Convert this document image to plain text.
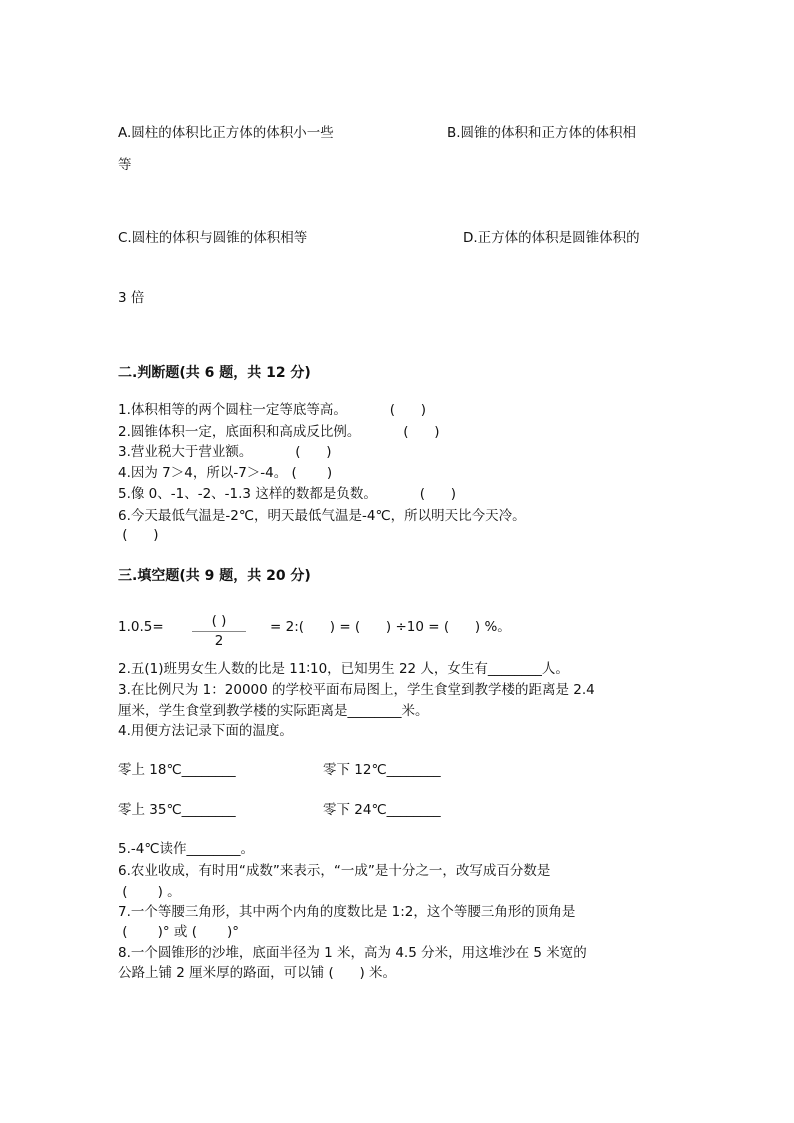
A.圆柱的体积比正方体的体积小一些	B.圆锥的体积和正方体的体积相
等
C.圆柱的体积与圆锥的体积相等	D.正方体的体积是圆锥体积的
3 倍
二.判断题(共 6 题，共 12 分)
1.体积相等的两个圆柱一定等底等高。          (      )
2.圆锥体积一定，底面积和高成反比例。          (      )
3.营业税大于营业额。          (      )
4.因为 7＞4，所以-7＞-4。 (       )
5.像 0、-1、-2、-1.3 这样的数都是负数。          (      )
6.今天最低气温是-2℃，明天最低气温是-4℃，所以明天比今天冷。
(      )
三.填空题(共 9 题，共 20 分)
1.0.5=	( )
2
= 2:(      ) = (      ) ÷10 = (      ) %。
2.五(1)班男女生人数的比是 11∶10，已知男生 22 人，女生有________人。
3.在比例尺为 1：20000 的学校平面布局图上，学生食堂到教学楼的距离是 2.4
厘米，学生食堂到教学楼的实际距离是________米。
4.用便方法记录下面的温度。
零上 18℃________	零下 12℃________
零上 35℃________	零下 24℃________
5.-4℃读作________。
6.农业收成，有时用“成数”来表示，“一成”是十分之一，改写成百分数是
(       ) 。
7.一个等腰三角形，其中两个内角的度数比是 1:2，这个等腰三角形的顶角是
(       )° 或 (       )°
8.一个圆锥形的沙堆，底面半径为 1 米，高为 4.5 分米，用这堆沙在 5 米宽的
公路上铺 2 厘米厚的路面，可以铺 (      ) 米。
